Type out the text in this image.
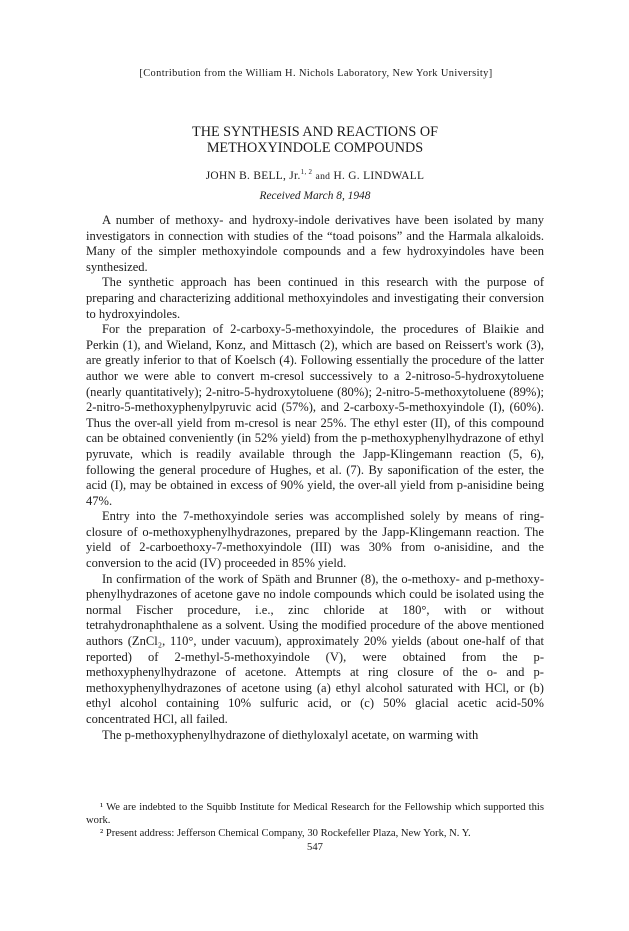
[Contribution from the William H. Nichols Laboratory, New York University]
THE SYNTHESIS AND REACTIONS OF
METHOXYINDOLE COMPOUNDS
JOHN B. BELL, Jr.$^{1, 2}$ and H. G. LINDWALL
Received March 8, 1948

A number of methoxy- and hydroxy-indole derivatives have been isolated by many investigators in connection with studies of the “toad poisons” and the Harmala alkaloids. Many of the simpler methoxyindole compounds and a few hydroxyindoles have been synthesized.

The synthetic approach has been continued in this research with the purpose of preparing and characterizing additional methoxyindoles and investigating their conversion to hydroxyindoles.

For the preparation of 2-carboxy-5-methoxyindole, the procedures of Blaikie and Perkin (1), and Wieland, Konz, and Mittasch (2), which are based on Reissert's work (3), are greatly inferior to that of Koelsch (4). Following essentially the procedure of the latter author we were able to convert m-cresol successively to a 2-nitroso-5-hydroxytoluene (nearly quantitatively); 2-nitro-5-hydroxytoluene (80%); 2-nitro-5-methoxytoluene (89%); 2-nitro-5-methoxyphenylpyruvic acid (57%), and 2-carboxy-5-methoxyindole (I), (60%). Thus the over-all yield from m-cresol is near 25%. The ethyl ester (II), of this compound can be obtained conveniently (in 52% yield) from the p-methoxyphenylhydrazone of ethyl pyruvate, which is readily available through the Japp-Klingemann reaction (5, 6), following the general procedure of Hughes, et al. (7). By saponification of the ester, the acid (I), may be obtained in excess of 90% yield, the over-all yield from p-anisidine being 47%.

Entry into the 7-methoxyindole series was accomplished solely by means of ring-closure of o-methoxyphenylhydrazones, prepared by the Japp-Klingemann reaction. The yield of 2-carboethoxy-7-methoxyindole (III) was 30% from o-anisidine, and the conversion to the acid (IV) proceeded in 85% yield.

In confirmation of the work of Späth and Brunner (8), the o-methoxy- and p-methoxy-phenylhydrazones of acetone gave no indole compounds which could be isolated using the normal Fischer procedure, i.e., zinc chloride at 180°, with or without tetrahydronaphthalene as a solvent. Using the modified procedure of the above mentioned authors (ZnCl₂, 110°, under vacuum), approximately 20% yields (about one-half of that reported) of 2-methyl-5-methoxyindole (V), were obtained from the p-methoxyphenylhydrazone of acetone. Attempts at ring closure of the o- and p-methoxyphenylhydrazones of acetone using (a) ethyl alcohol saturated with HCl, or (b) ethyl alcohol containing 10% sulfuric acid, or (c) 50% glacial acetic acid-50% concentrated HCl, all failed.

The p-methoxyphenylhydrazone of diethyloxalyl acetate, on warming with

¹ We are indebted to the Squibb Institute for Medical Research for the Fellowship which supported this work.

² Present address: Jefferson Chemical Company, 30 Rockefeller Plaza, New York, N. Y.

547
